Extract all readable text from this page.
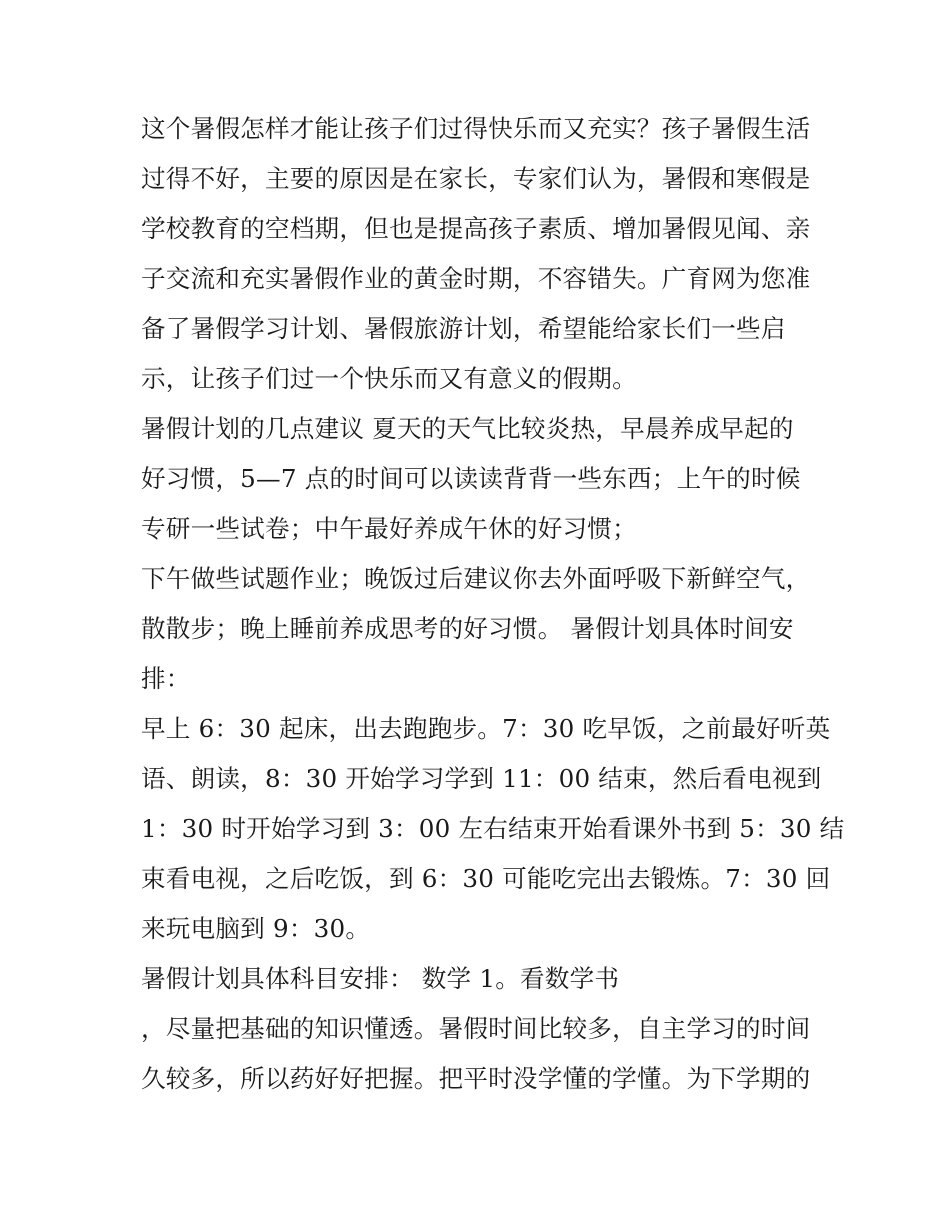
这个暑假怎样才能让孩子们过得快乐而又充实？孩子暑假生活
过得不好，主要的原因是在家长，专家们认为，暑假和寒假是
学校教育的空档期，但也是提高孩子素质、增加暑假见闻、亲
子交流和充实暑假作业的黄金时期，不容错失。广育网为您准
备了暑假学习计划、暑假旅游计划，希望能给家长们一些启
示，让孩子们过一个快乐而又有意义的假期。
暑假计划的几点建议 夏天的天气比较炎热，早晨养成早起的
好习惯，5—7 点的时间可以读读背背一些东西；上午的时候
专研一些试卷；中午最好养成午休的好习惯；
下午做些试题作业；晚饭过后建议你去外面呼吸下新鲜空气，
散散步；晚上睡前养成思考的好习惯。 暑假计划具体时间安
排：
早上 6：30 起床，出去跑跑步。7：30 吃早饭，之前最好听英
语、朗读，8：30 开始学习学到 11：00 结束，然后看电视到
1：30 时开始学习到 3：00 左右结束开始看课外书到 5：30 结
束看电视，之后吃饭，到 6：30 可能吃完出去锻炼。7：30 回
来玩电脑到 9：30。
暑假计划具体科目安排： 数学 1。看数学书
，尽量把基础的知识懂透。暑假时间比较多，自主学习的时间
久较多，所以药好好把握。把平时没学懂的学懂。为下学期的
